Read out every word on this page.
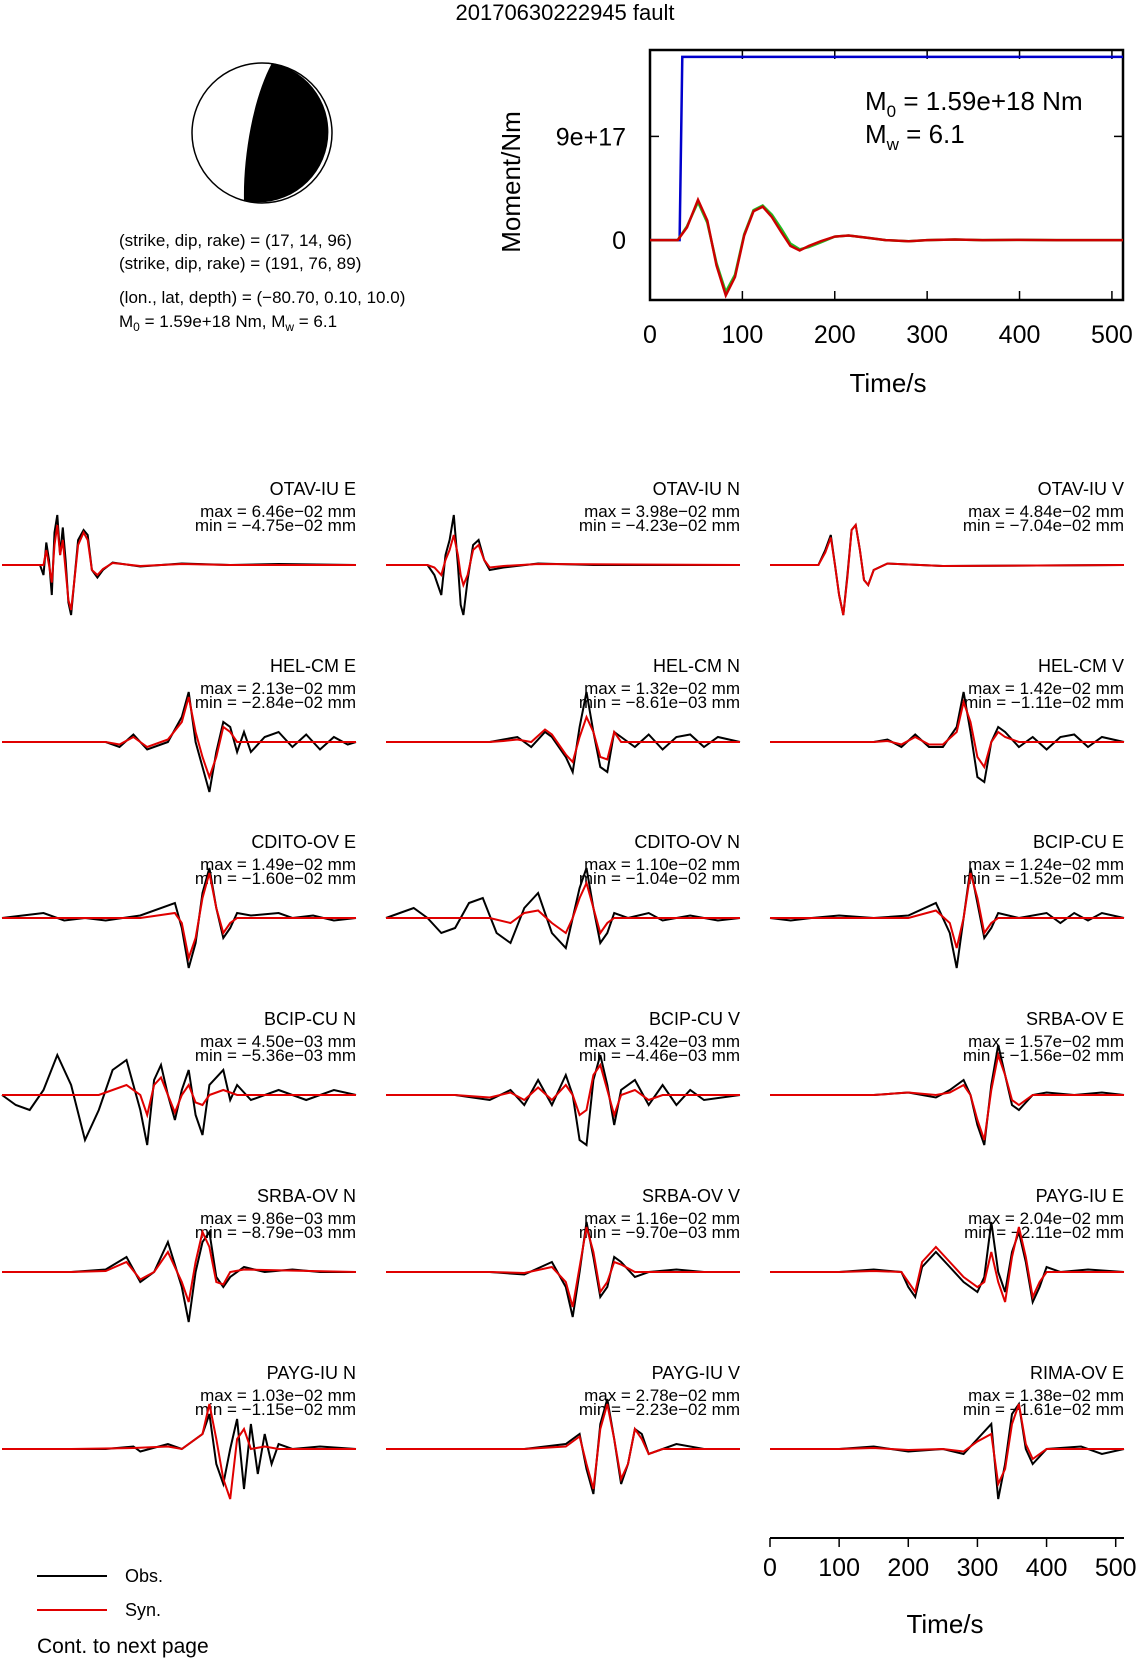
20170630222945 fault
(strike, dip, rake) = (17, 14, 96)
(strike, dip, rake) = (191, 76, 89)
(lon., lat, depth) = (−80.70, 0.10, 10.0)
$M_0 = 1.59e+18$ Nm, $M_w = 6.1$
Moment/Nm
Time/s
$M_0 = 1.59e+18$ Nm
$M_w = 6.1$
0	100 200 300 400 500
9e+17
0
OTAV-IU E
max = 6.46e−02 mm
min = −4.75e−02 mm
OTAV-IU N
max = 3.98e−02 mm
min = −4.23e−02 mm
OTAV-IU V
max = 4.84e−02 mm
min = −7.04e−02 mm
HEL-CM E
max = 2.13e−02 mm
min = −2.84e−02 mm
HEL-CM N
max = 1.32e−02 mm
min = −8.61e−03 mm
HEL-CM V
max = 1.42e−02 mm
min = −1.11e−02 mm
CDITO-OV E
max = 1.49e−02 mm
min = −1.60e−02 mm
CDITO-OV N
max = 1.10e−02 mm
min = −1.04e−02 mm
BCIP-CU E
max = 1.24e−02 mm
min = −1.52e−02 mm
BCIP-CU N
max = 4.50e−03 mm
min = −5.36e−03 mm
BCIP-CU V
max = 3.42e−03 mm
min = −4.46e−03 mm
SRBA-OV E
max = 1.57e−02 mm
min = −1.56e−02 mm
SRBA-OV N
max = 9.86e−03 mm
min = −8.79e−03 mm
SRBA-OV V
max = 1.16e−02 mm
min = −9.70e−03 mm
PAYG-IU E
max = 2.04e−02 mm
min = −2.11e−02 mm
PAYG-IU N
max = 1.03e−02 mm
min = −1.15e−02 mm
PAYG-IU V
max = 2.78e−02 mm
min = −2.23e−02 mm
RIMA-OV E
max = 1.38e−02 mm
min = −1.61e−02 mm
Time/s
0 100 200 300 400 500
Obs.
Syn.
Cont. to next page
